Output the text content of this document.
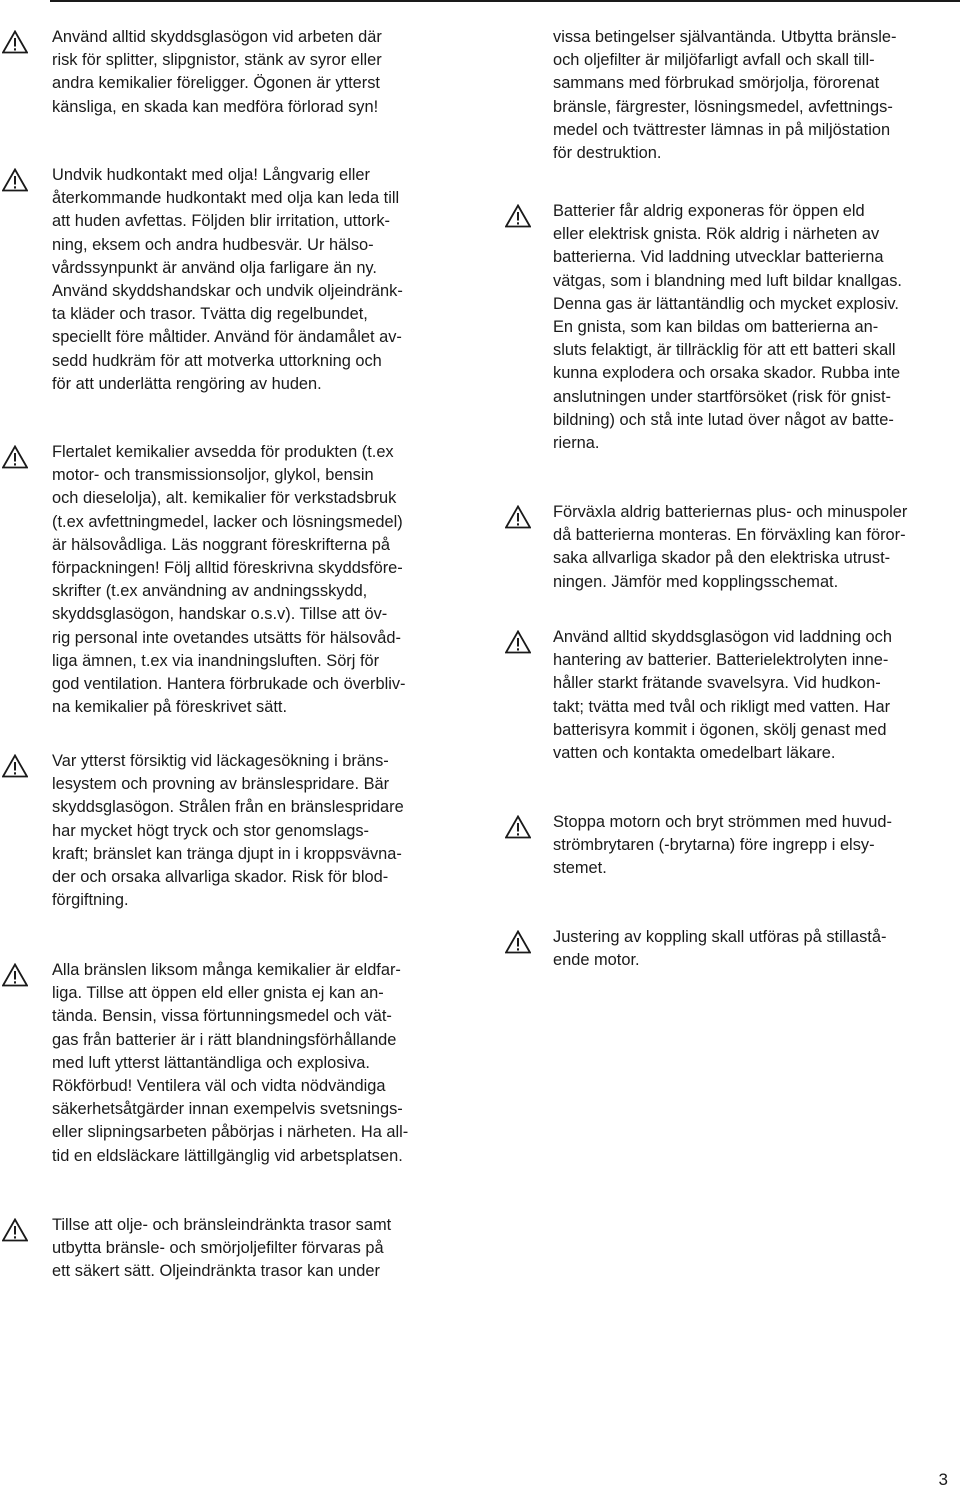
Använd alltid skyddsglasögon vid arbeten där
risk för splitter, slipgnistor, stänk av syror eller
andra kemikalier föreligger. Ögonen är ytterst
känsliga, en skada kan medföra förlorad syn!

Undvik hudkontakt med olja! Långvarig eller
återkommande hudkontakt med olja kan leda till
att huden avfettas. Följden blir irritation, uttork-
ning, eksem och andra hudbesvär. Ur hälso-
vårdssynpunkt är använd olja farligare än ny.
Använd skyddshandskar och undvik oljeindränk-
ta kläder och trasor. Tvätta dig regelbundet,
speciellt före måltider. Använd för ändamålet av-
sedd hudkräm för att motverka uttorkning och
för att underlätta rengöring av huden.

Flertalet kemikalier avsedda för produkten (t.ex
motor- och transmissionsoljor, glykol, bensin
och dieselolja), alt. kemikalier för verkstadsbruk
(t.ex avfettningmedel, lacker och lösningsmedel)
är hälsovådliga. Läs noggrant föreskrifterna på
förpackningen! Följ alltid föreskrivna skyddsföre-
skrifter (t.ex användning av andningsskydd,
skyddsglasögon, handskar o.s.v). Tillse att öv-
rig personal inte ovetandes utsätts för hälsovåd-
liga ämnen, t.ex via inandningsluften. Sörj för
god ventilation. Hantera förbrukade och överbliv-
na kemikalier på föreskrivet sätt.

Var ytterst försiktig vid läckagesökning i bräns-
lesystem och provning av bränslespridare. Bär
skyddsglasögon. Strålen från en bränslespridare
har mycket högt tryck och stor genomslags-
kraft; bränslet kan tränga djupt in i kroppsvävna-
der och orsaka allvarliga skador. Risk för blod-
förgiftning.

Alla bränslen liksom många kemikalier är eldfar-
liga. Tillse att öppen eld eller gnista ej kan an-
tända. Bensin, vissa förtunningsmedel och vät-
gas från batterier är i rätt blandningsförhållande
med luft ytterst lättantändliga och explosiva.
Rökförbud! Ventilera väl och vidta nödvändiga
säkerhetsåtgärder innan exempelvis svetsnings-
eller slipningsarbeten påbörjas i närheten. Ha all-
tid en eldsläckare lättillgänglig vid arbetsplatsen.

Tillse att olje- och bränsleindränkta trasor samt
utbytta bränsle- och smörjoljefilter förvaras på
ett säkert sätt. Oljeindränkta trasor kan under

vissa betingelser självantända. Utbytta bränsle-
och oljefilter är miljöfarligt avfall och skall till-
sammans med förbrukad smörjolja, förorenat
bränsle, färgrester, lösningsmedel, avfettnings-
medel och tvättrester lämnas in på miljöstation
för destruktion.

Batterier får aldrig exponeras för öppen eld
eller elektrisk gnista. Rök aldrig i närheten av
batterierna. Vid laddning utvecklar batterierna
vätgas, som i blandning med luft bildar knallgas.
Denna gas är lättantändlig och mycket explosiv.
En gnista, som kan bildas om batterierna an-
sluts felaktigt, är tillräcklig för att ett batteri skall
kunna explodera och orsaka skador. Rubba inte
anslutningen under startförsöket (risk för gnist-
bildning) och stå inte lutad över något av batte-
rierna.

Förväxla aldrig batteriernas plus- och minuspoler
då batterierna monteras. En förväxling kan föror-
saka allvarliga skador på den elektriska utrust-
ningen. Jämför med kopplingsschemat.

Använd alltid skyddsglasögon vid laddning och
hantering av batterier. Batterielektrolyten inne-
håller starkt frätande svavelsyra. Vid hudkon-
takt; tvätta med tvål och rikligt med vatten. Har
batterisyra kommit i ögonen, skölj genast med
vatten och kontakta omedelbart läkare.

Stoppa motorn och bryt strömmen med huvud-
strömbrytaren (-brytarna) före ingrepp i elsy-
stemet.

Justering av koppling skall utföras på stillastå-
ende motor.

3
